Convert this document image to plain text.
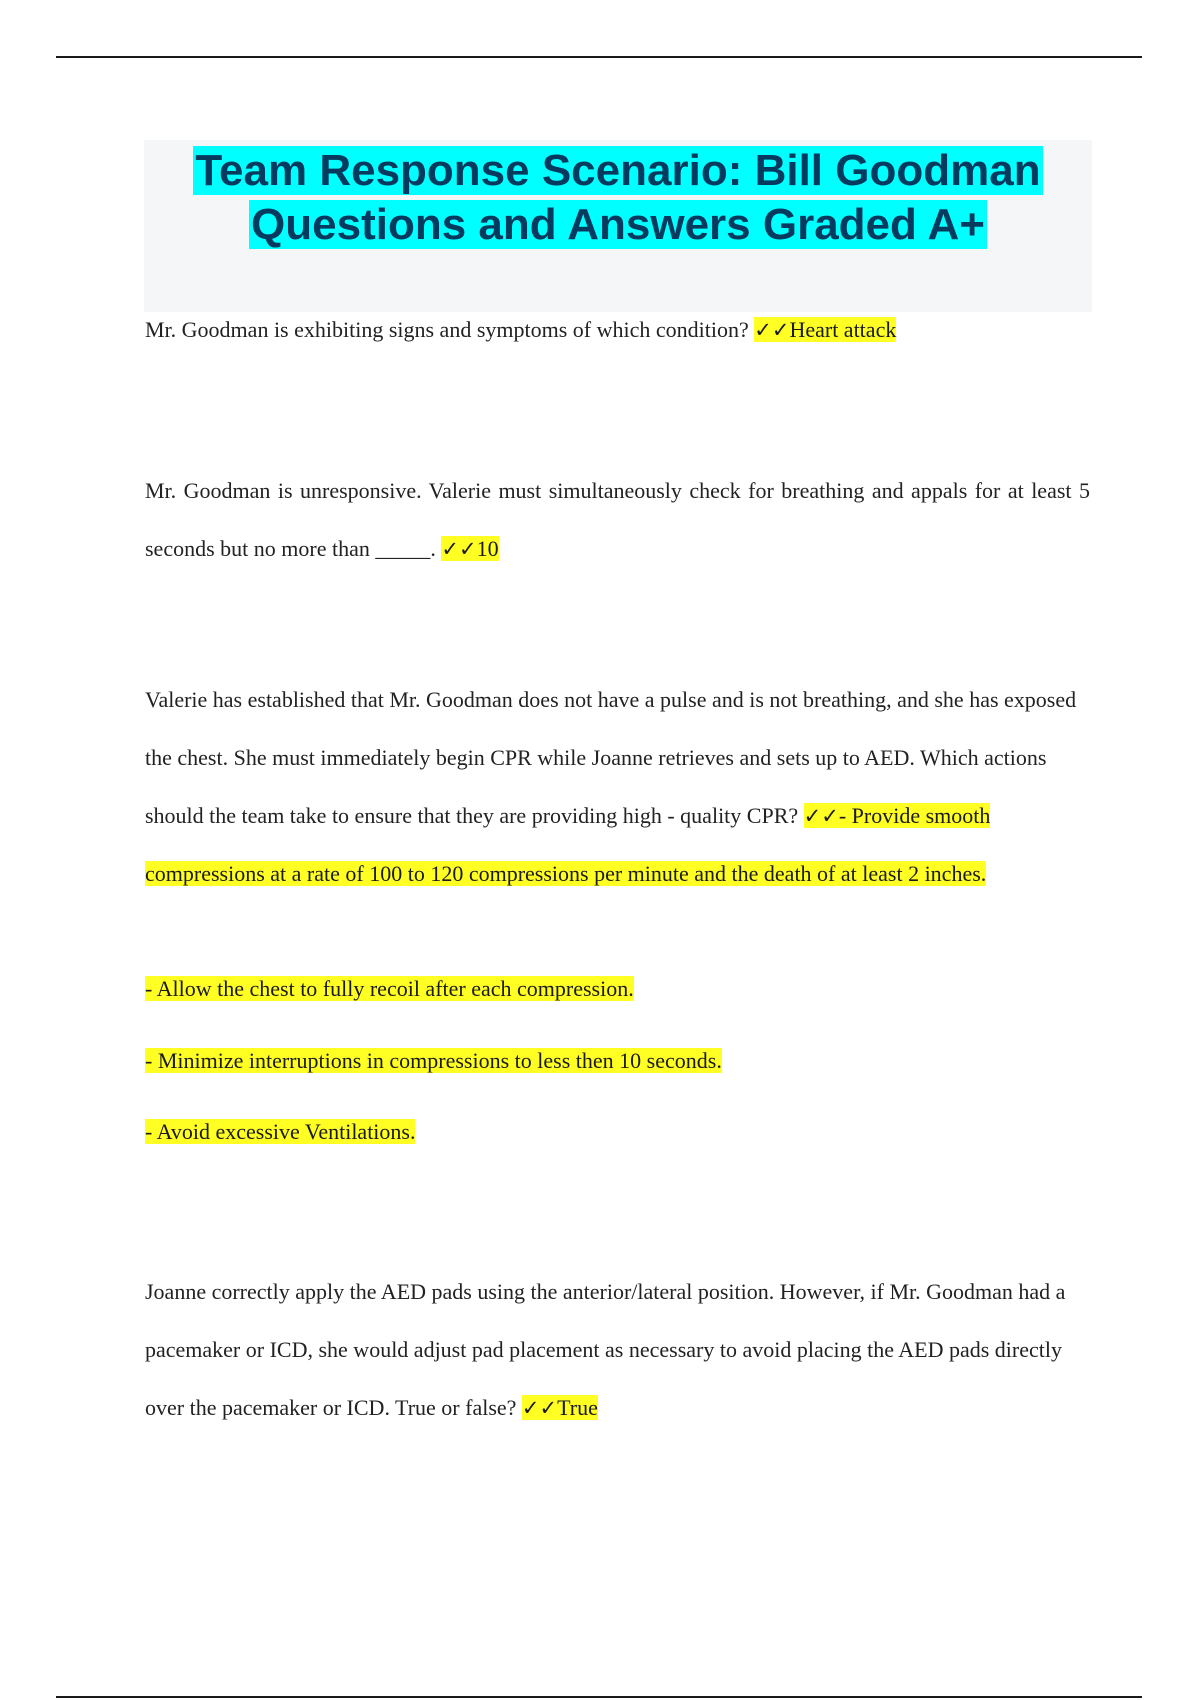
Team Response Scenario: Bill Goodman
Questions and Answers Graded A+

Mr. Goodman is exhibiting signs and symptoms of which condition? ✓✓Heart attack

Mr. Goodman is unresponsive. Valerie must simultaneously check for breathing and appals for at least 5 seconds but no more than _____. ✓✓10

Valerie has established that Mr. Goodman does not have a pulse and is not breathing, and she has exposed the chest. She must immediately begin CPR while Joanne retrieves and sets up to AED. Which actions should the team take to ensure that they are providing high - quality CPR? ✓✓- Provide smooth compressions at a rate of 100 to 120 compressions per minute and the death of at least 2 inches.

- Allow the chest to fully recoil after each compression.

- Minimize interruptions in compressions to less then 10 seconds.

- Avoid excessive Ventilations.

Joanne correctly apply the AED pads using the anterior/lateral position. However, if Mr. Goodman had a pacemaker or ICD, she would adjust pad placement as necessary to avoid placing the AED pads directly over the pacemaker or ICD. True or false? ✓✓True
